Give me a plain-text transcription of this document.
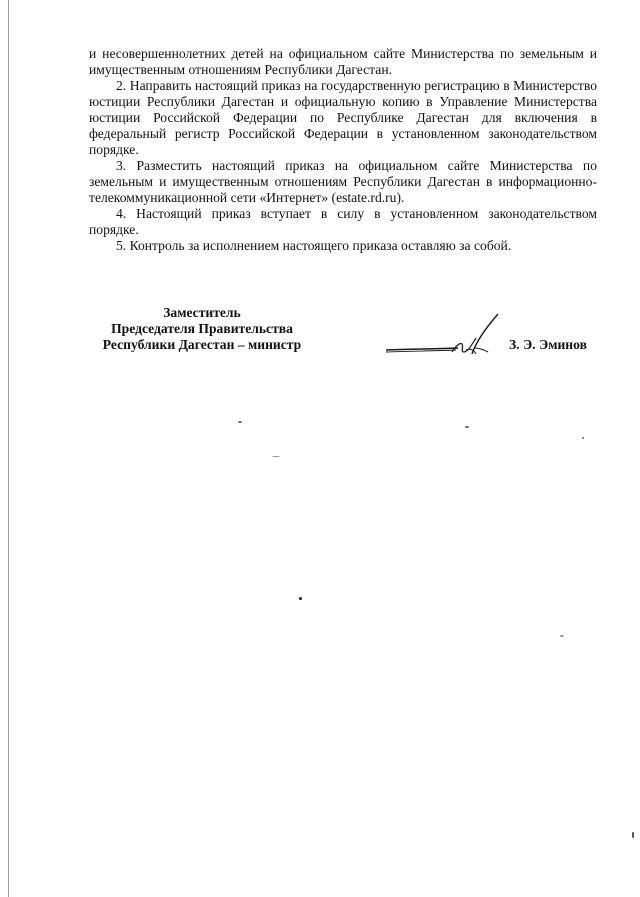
и несовершеннолетних детей на официальном сайте Министерства по земельным и имущественным отношениям Республики Дагестан.

2. Направить настоящий приказ на государственную регистрацию в Министерство юстиции Республики Дагестан и официальную копию в Управление Министерства юстиции Российской Федерации по Республике Дагестан для включения в федеральный регистр Российской Федерации в установленном законодательством порядке.

3. Разместить настоящий приказ на официальном сайте Министерства по земельным и имущественным отношениям Республики Дагестан в информационно-телекоммуникационной сети «Интернет» (estate.rd.ru).

4. Настоящий приказ вступает в силу в установленном законодательством порядке.

5. Контроль за исполнением настоящего приказа оставляю за собой.

Заместитель
Председателя Правительства
Республики Дагестан – министр	З. Э. Эминов
